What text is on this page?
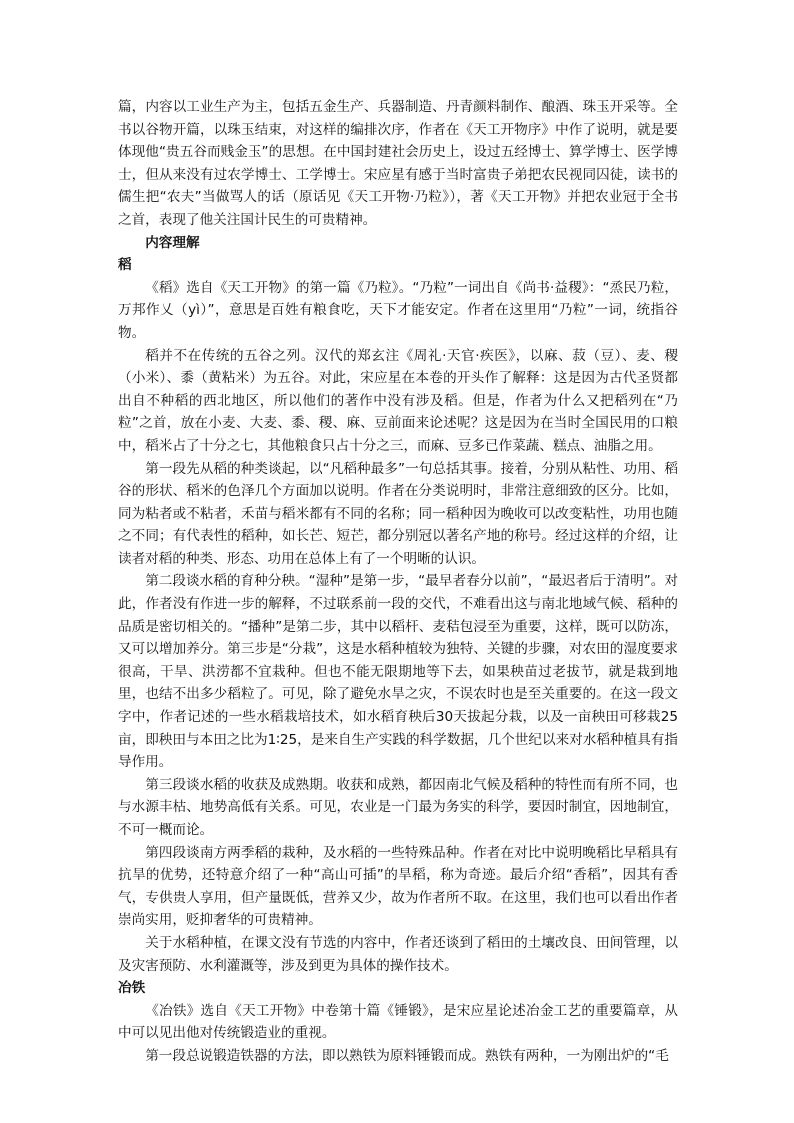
篇，内容以工业生产为主，包括五金生产、兵器制造、丹青颜料制作、酿酒、珠玉开采等。全书以谷物开篇，以珠玉结束，对这样的编排次序，作者在《天工开物序》中作了说明，就是要体现他“贵五谷而贱金玉”的思想。在中国封建社会历史上，设过五经博士、算学博士、医学博士，但从来没有过农学博士、工学博士。宋应星有感于当时富贵子弟把农民视同囚徒，读书的儒生把“农夫”当做骂人的话（原话见《天工开物·乃粒》），著《天工开物》并把农业冠于全书之首，表现了他关注国计民生的可贵精神。

内容理解

稻

《稻》选自《天工开物》的第一篇《乃粒》。“乃粒”一词出自《尚书·益稷》：“烝民乃粒，万邦作乂（yì）”，意思是百姓有粮食吃，天下才能安定。作者在这里用“乃粒”一词，统指谷物。

稻并不在传统的五谷之列。汉代的郑玄注《周礼·天官·疾医》，以麻、菽（豆）、麦、稷（小米）、黍（黄粘米）为五谷。对此，宋应星在本卷的开头作了解释：这是因为古代圣贤都出自不种稻的西北地区，所以他们的著作中没有涉及稻。但是，作者为什么又把稻列在“乃粒”之首，放在小麦、大麦、黍、稷、麻、豆前面来论述呢？这是因为在当时全国民用的口粮中，稻米占了十分之七，其他粮食只占十分之三，而麻、豆多已作菜蔬、糕点、油脂之用。

第一段先从稻的种类谈起，以“凡稻种最多”一句总括其事。接着，分别从粘性、功用、稻谷的形状、稻米的色泽几个方面加以说明。作者在分类说明时，非常注意细致的区分。比如，同为粘者或不粘者，禾苗与稻米都有不同的名称；同一稻种因为晚收可以改变粘性，功用也随之不同；有代表性的稻种，如长芒、短芒，都分别冠以著名产地的称号。经过这样的介绍，让读者对稻的种类、形态、功用在总体上有了一个明晰的认识。

第二段谈水稻的育种分秧。“湿种”是第一步，“最早者春分以前”，“最迟者后于清明”。对此，作者没有作进一步的解释，不过联系前一段的交代，不难看出这与南北地域气候、稻种的品质是密切相关的。“播种”是第二步，其中以稻杆、麦秸包浸至为重要，这样，既可以防冻，又可以增加养分。第三步是“分栽”，这是水稻种植较为独特、关键的步骤，对农田的湿度要求很高，干旱、洪涝都不宜栽种。但也不能无限期地等下去，如果秧苗过老拔节，就是栽到地里，也结不出多少稻粒了。可见，除了避免水旱之灾，不误农时也是至关重要的。在这一段文字中，作者记述的一些水稻栽培技术，如水稻育秧后30天拔起分栽，以及一亩秧田可移栽25亩，即秧田与本田之比为1∶25，是来自生产实践的科学数据，几个世纪以来对水稻种植具有指导作用。

第三段谈水稻的收获及成熟期。收获和成熟，都因南北气候及稻种的特性而有所不同，也与水源丰枯、地势高低有关系。可见，农业是一门最为务实的科学，要因时制宜，因地制宜，不可一概而论。

第四段谈南方两季稻的栽种，及水稻的一些特殊品种。作者在对比中说明晚稻比早稻具有抗旱的优势，还特意介绍了一种“高山可插”的旱稻，称为奇迹。最后介绍“香稻”，因其有香气，专供贵人享用，但产量既低，营养又少，故为作者所不取。在这里，我们也可以看出作者崇尚实用，贬抑奢华的可贵精神。

关于水稻种植，在课文没有节选的内容中，作者还谈到了稻田的土壤改良、田间管理，以及灾害预防、水利灌溉等，涉及到更为具体的操作技术。

冶铁

《冶铁》选自《天工开物》中卷第十篇《锤锻》，是宋应星论述冶金工艺的重要篇章，从中可以见出他对传统锻造业的重视。

第一段总说锻造铁器的方法，即以熟铁为原料锤锻而成。熟铁有两种，一为刚出炉的“毛
